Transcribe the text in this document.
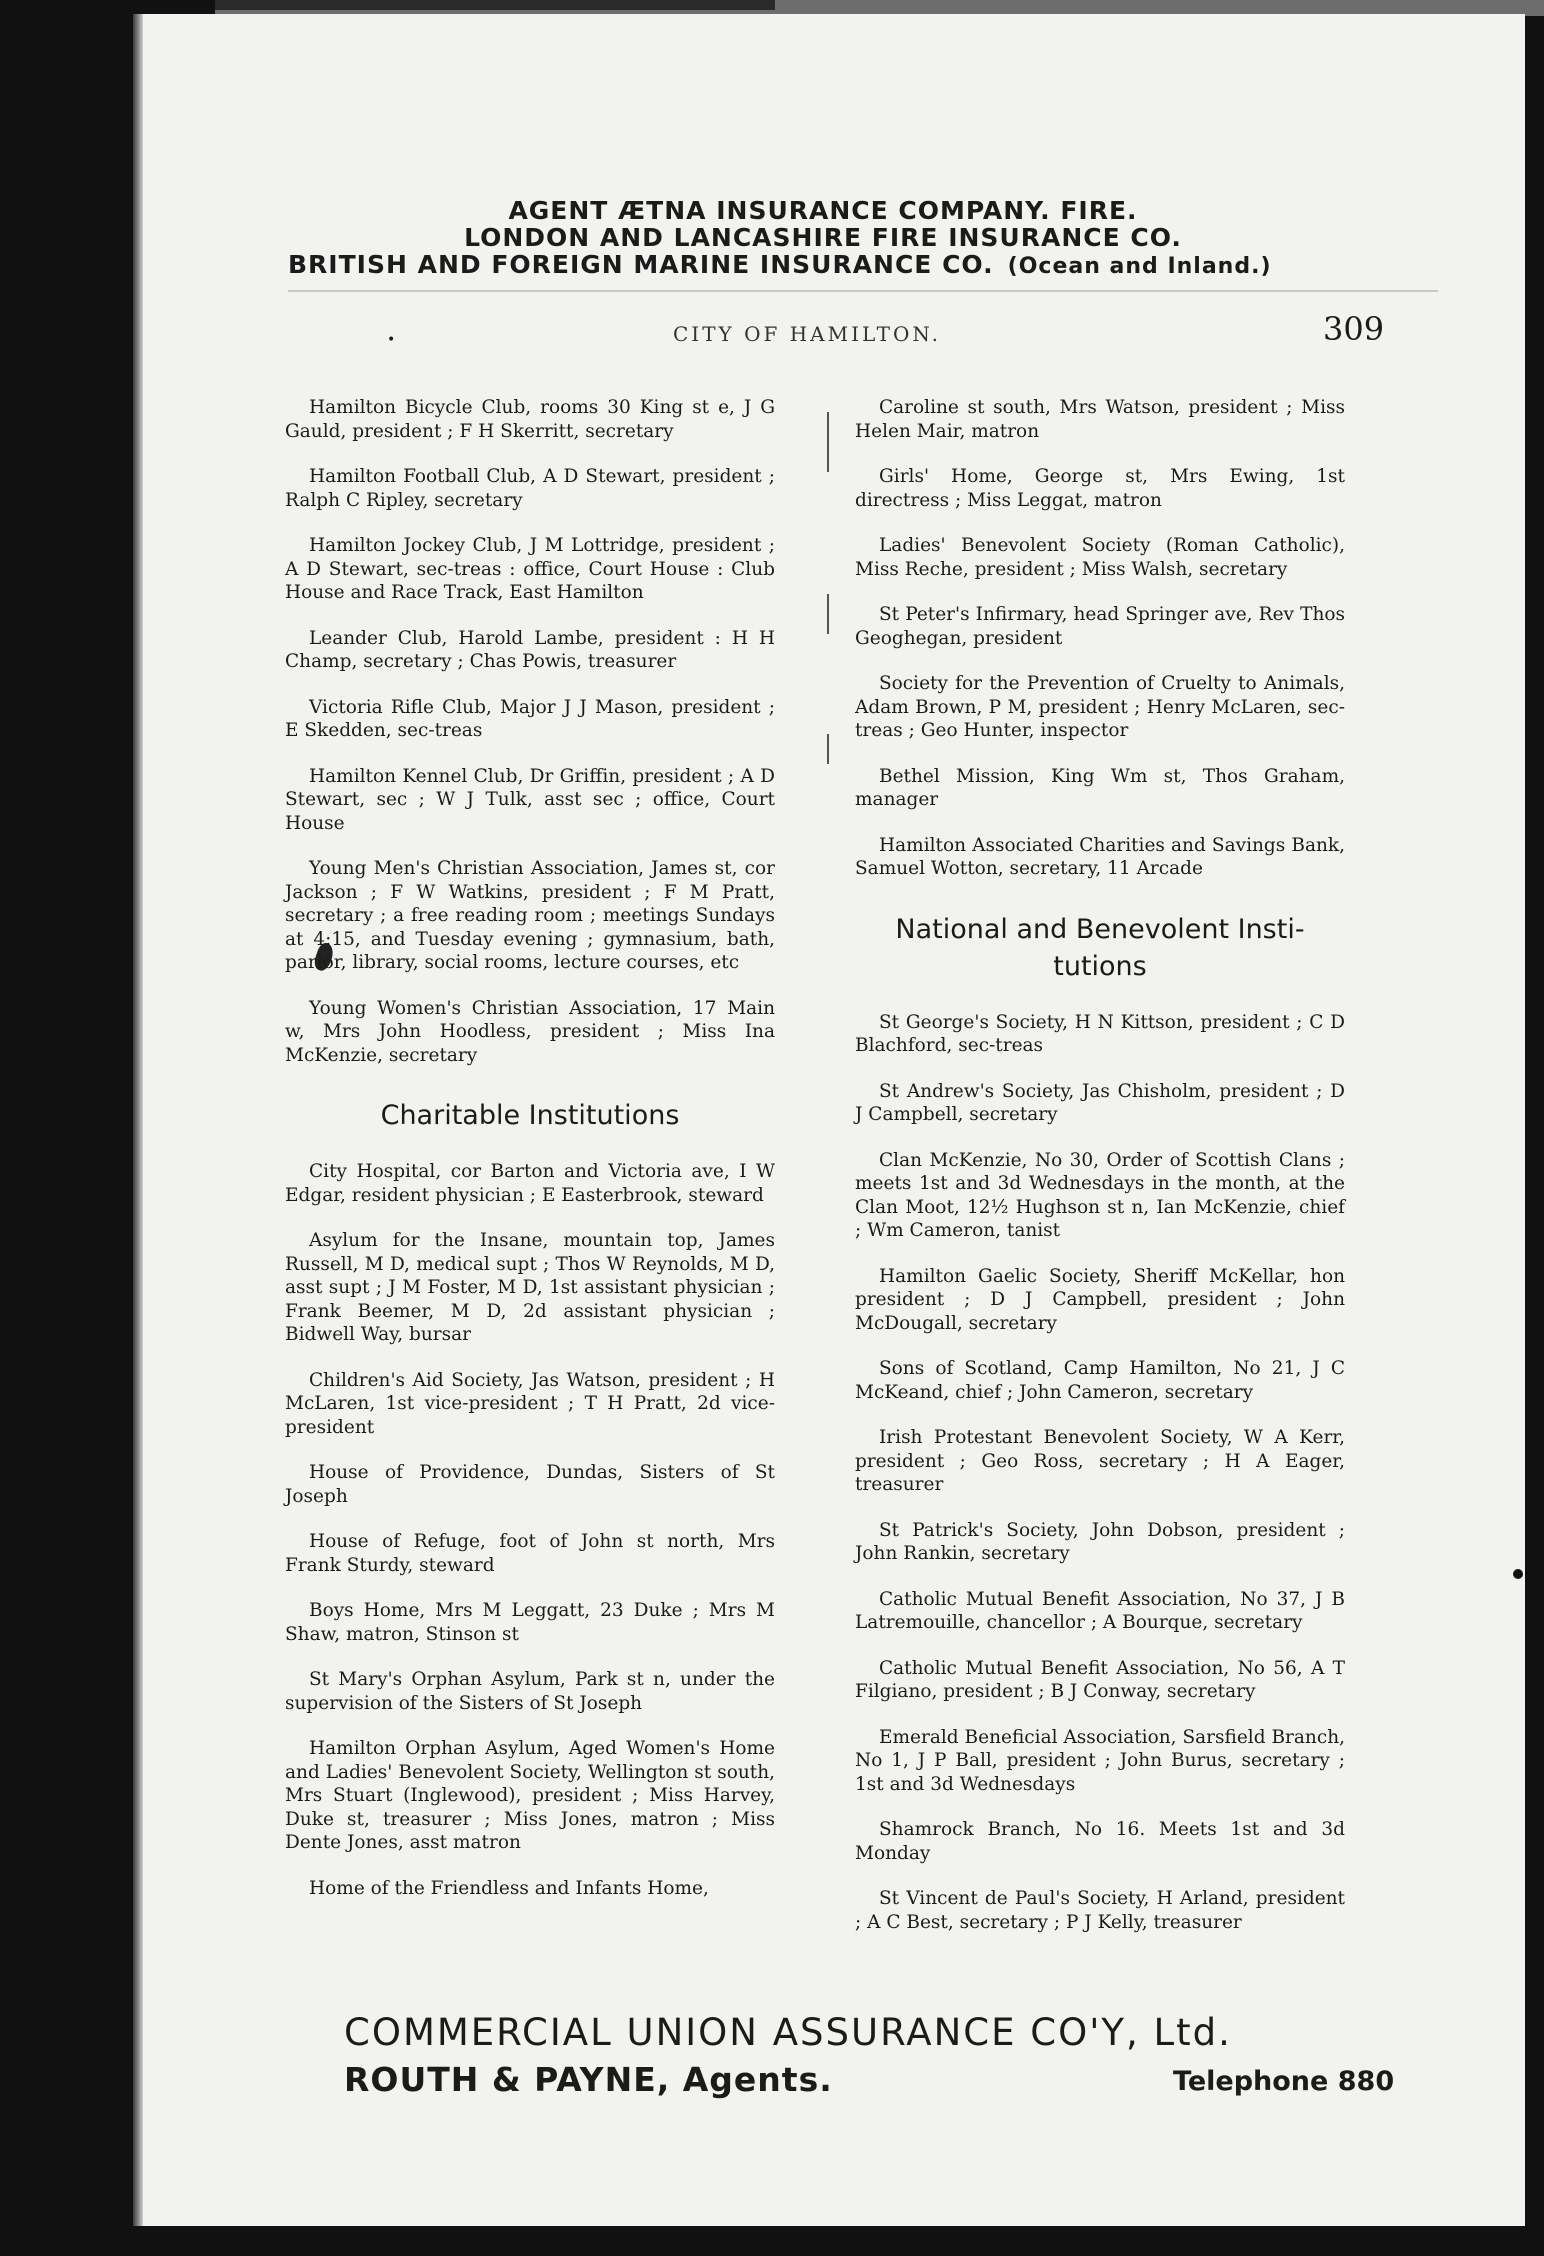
AGENT ÆTNA INSURANCE COMPANY. FIRE.
LONDON AND LANCASHIRE FIRE INSURANCE CO.
BRITISH AND FOREIGN MARINE INSURANCE CO. (Ocean and Inland.)
•	CITY OF HAMILTON.	309

Hamilton Bicycle Club, rooms 30 King st e, J G Gauld, president ; F H Skerritt, secretary

Hamilton Football Club, A D Stewart, president ; Ralph C Ripley, secretary

Hamilton Jockey Club, J M Lottridge, president ; A D Stewart, sec-treas : office, Court House : Club House and Race Track, East Hamilton

Leander Club, Harold Lambe, president : H H Champ, secretary ; Chas Powis, treasurer

Victoria Rifle Club, Major J J Mason, president ; E Skedden, sec-treas

Hamilton Kennel Club, Dr Griffin, president ; A D Stewart, sec ; W J Tulk, asst sec ; office, Court House

Young Men's Christian Association, James st, cor Jackson ; F W Watkins, president ; F M Pratt, secretary ; a free reading room ; meetings Sundays at 4:15, and Tuesday evening ; gymnasium, bath, parlor, library, social rooms, lecture courses, etc

Young Women's Christian Association, 17 Main w, Mrs John Hoodless, president ; Miss Ina McKenzie, secretary

Charitable Institutions

City Hospital, cor Barton and Victoria ave, I W Edgar, resident physician ; E Easterbrook, steward

Asylum for the Insane, mountain top, James Russell, M D, medical supt ; Thos W Reynolds, M D, asst supt ; J M Foster, M D, 1st assistant physician ; Frank Beemer, M D, 2d assistant physician ; Bidwell Way, bursar

Children's Aid Society, Jas Watson, president ; H McLaren, 1st vice-president ; T H Pratt, 2d vice-president

House of Providence, Dundas, Sisters of St Joseph

House of Refuge, foot of John st north, Mrs Frank Sturdy, steward

Boys Home, Mrs M Leggatt, 23 Duke ; Mrs M Shaw, matron, Stinson st

St Mary's Orphan Asylum, Park st n, under the supervision of the Sisters of St Joseph

Hamilton Orphan Asylum, Aged Women's Home and Ladies' Benevolent Society, Wellington st south, Mrs Stuart (Inglewood), president ; Miss Harvey, Duke st, treasurer ; Miss Jones, matron ; Miss Dente Jones, asst matron

Home of the Friendless and Infants Home,

Caroline st south, Mrs Watson, president ; Miss Helen Mair, matron

Girls' Home, George st, Mrs Ewing, 1st directress ; Miss Leggat, matron

Ladies' Benevolent Society (Roman Catholic), Miss Reche, president ; Miss Walsh, secretary

St Peter's Infirmary, head Springer ave, Rev Thos Geoghegan, president

Society for the Prevention of Cruelty to Animals, Adam Brown, P M, president ; Henry McLaren, sec-treas ; Geo Hunter, inspector

Bethel Mission, King Wm st, Thos Graham, manager

Hamilton Associated Charities and Savings Bank, Samuel Wotton, secretary, 11 Arcade

National and Benevolent Insti-
tutions

St George's Society, H N Kittson, president ; C D Blachford, sec-treas

St Andrew's Society, Jas Chisholm, president ; D J Campbell, secretary

Clan McKenzie, No 30, Order of Scottish Clans ; meets 1st and 3d Wednesdays in the month, at the Clan Moot, 12½ Hughson st n, Ian McKenzie, chief ; Wm Cameron, tanist

Hamilton Gaelic Society, Sheriff McKellar, hon president ; D J Campbell, president ; John McDougall, secretary

Sons of Scotland, Camp Hamilton, No 21, J C McKeand, chief ; John Cameron, secretary

Irish Protestant Benevolent Society, W A Kerr, president ; Geo Ross, secretary ; H A Eager, treasurer

St Patrick's Society, John Dobson, president ; John Rankin, secretary

Catholic Mutual Benefit Association, No 37, J B Latremouille, chancellor ; A Bourque, secretary

Catholic Mutual Benefit Association, No 56, A T Filgiano, president ; B J Conway, secretary

Emerald Beneficial Association, Sarsfield Branch, No 1, J P Ball, president ; John Burus, secretary ; 1st and 3d Wednesdays

Shamrock Branch, No 16. Meets 1st and 3d Monday

St Vincent de Paul's Society, H Arland, president ; A C Best, secretary ; P J Kelly, treasurer

COMMERCIAL UNION ASSURANCE CO'Y, Ltd.
ROUTH & PAYNE, Agents.	Telephone 880
